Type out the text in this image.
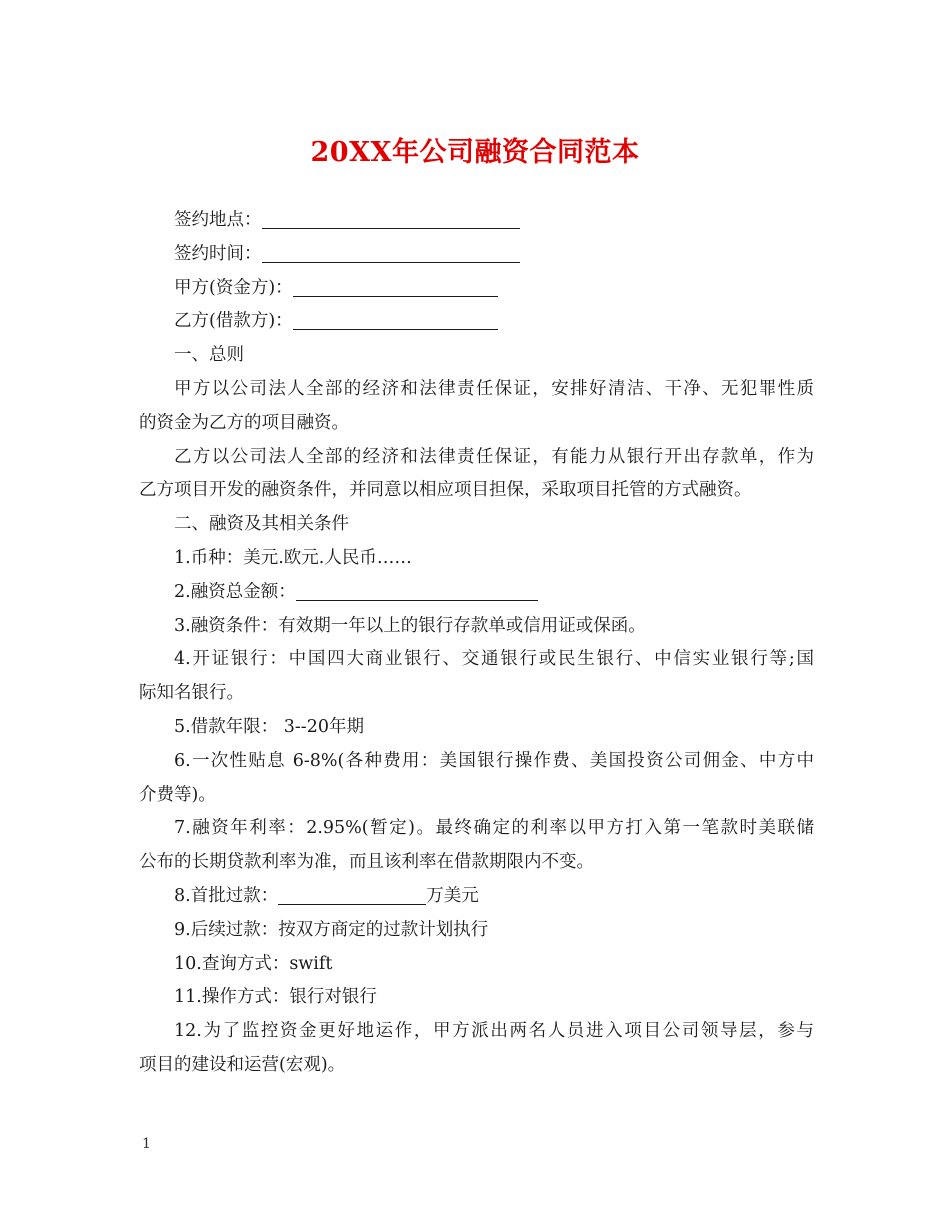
20XX年公司融资合同范本
签约地点：
签约时间：
甲方(资金方)：
乙方(借款方)：
一、总则
甲方以公司法人全部的经济和法律责任保证，安排好清洁、干净、无犯罪性质
的资金为乙方的项目融资。
乙方以公司法人全部的经济和法律责任保证，有能力从银行开出存款单，作为
乙方项目开发的融资条件，并同意以相应项目担保，采取项目托管的方式融资。
二、融资及其相关条件
1.币种：美元.欧元.人民币……
2.融资总金额：
3.融资条件：有效期一年以上的银行存款单或信用证或保函。
4.开证银行：中国四大商业银行、交通银行或民生银行、中信实业银行等;国
际知名银行。
5.借款年限： 3--20年期
6.一次性贴息 6-8%(各种费用：美国银行操作费、美国投资公司佣金、中方中
介费等)。
7.融资年利率：2.95%(暂定)。最终确定的利率以甲方打入第一笔款时美联储
公布的长期贷款利率为准，而且该利率在借款期限内不变。
8.首批过款：	万美元
9.后续过款：按双方商定的过款计划执行
10.查询方式：swift
11.操作方式：银行对银行
12.为了监控资金更好地运作，甲方派出两名人员进入项目公司领导层，参与
项目的建设和运营(宏观)。
1
